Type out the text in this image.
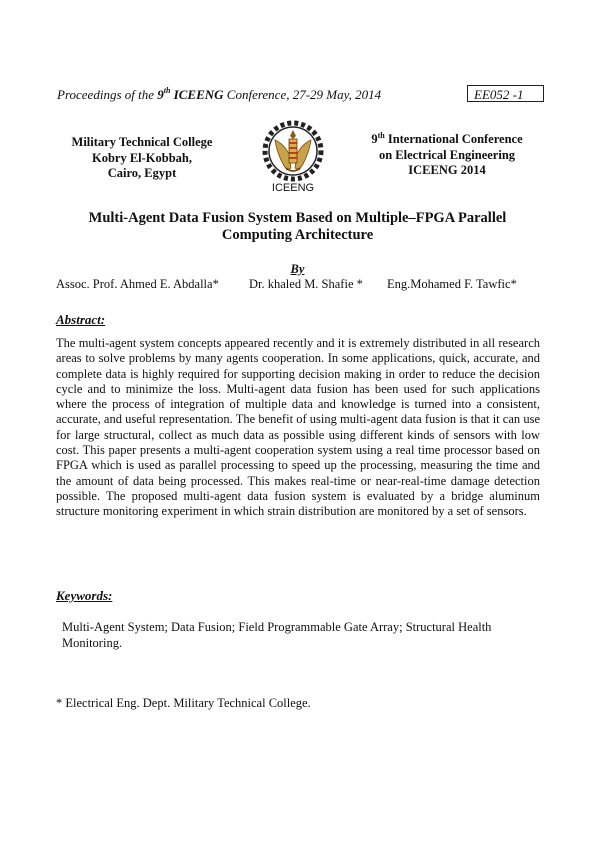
Proceedings of the 9th ICEENG Conference, 27-29 May, 2014	EE052 -1
Military Technical College
Kobry El-Kobbah,
Cairo, Egypt
ICEENG
9th International Conference
on Electrical Engineering
ICEENG 2014
Multi-Agent Data Fusion System Based on Multiple–FPGA Parallel
Computing Architecture
By
Assoc. Prof. Ahmed E. Abdalla* Dr. khaled M. Shafie * Eng.Mohamed F. Tawfic*
Abstract:
The multi-agent system concepts appeared recently and it is extremely distributed in all research areas to solve problems by many agents cooperation. In some applications, quick, accurate, and complete data is highly required for supporting decision making in order to reduce the decision cycle and to minimize the loss. Multi-agent data fusion has been used for such applications where the process of integration of multiple data and knowledge is turned into a consistent, accurate, and useful representation. The benefit of using multi-agent data fusion is that it can use for large structural, collect as much data as possible using different kinds of sensors with low cost. This paper presents a multi-agent cooperation system using a real time processor based on FPGA which is used as parallel processing to speed up the processing, measuring the time and the amount of data being processed. This makes real-time or near-real-time damage detection possible. The proposed multi-agent data fusion system is evaluated by a bridge aluminum structure monitoring experiment in which strain distribution are monitored by a set of sensors.
Keywords:
Multi-Agent System; Data Fusion; Field Programmable Gate Array; Structural Health Monitoring.
* Electrical Eng. Dept. Military Technical College.
